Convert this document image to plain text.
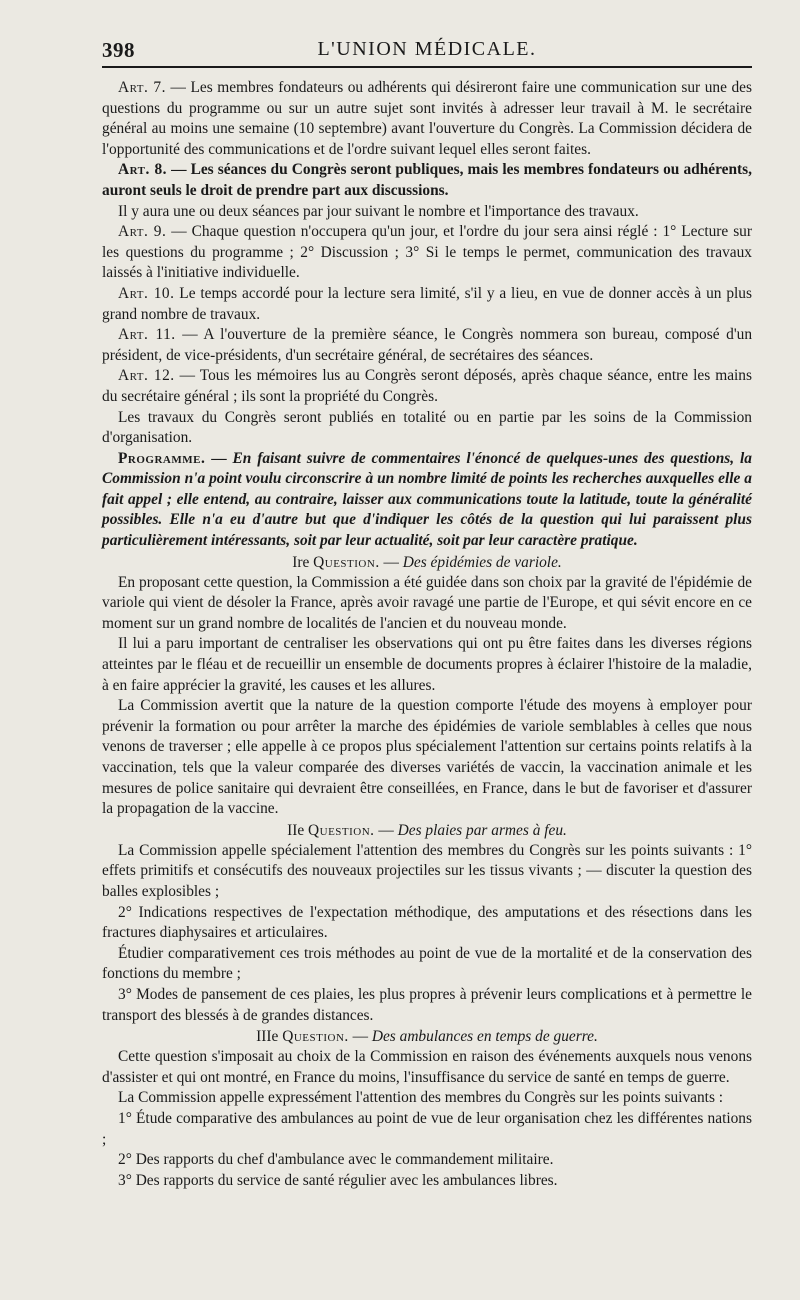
398	L'UNION MÉDICALE.

Art. 7. — Les membres fondateurs ou adhérents qui désireront faire une communication sur une des questions du programme ou sur un autre sujet sont invités à adresser leur travail à M. le secrétaire général au moins une semaine (10 septembre) avant l'ouverture du Congrès. La Commission décidera de l'opportunité des communications et de l'ordre suivant lequel elles seront faites.

Art. 8. — Les séances du Congrès seront publiques, mais les membres fondateurs ou adhérents, auront seuls le droit de prendre part aux discussions.

Il y aura une ou deux séances par jour suivant le nombre et l'importance des travaux.

Art. 9. — Chaque question n'occupera qu'un jour, et l'ordre du jour sera ainsi réglé : 1° Lecture sur les questions du programme ; 2° Discussion ; 3° Si le temps le permet, communication des travaux laissés à l'initiative individuelle.

Art. 10. Le temps accordé pour la lecture sera limité, s'il y a lieu, en vue de donner accès à un plus grand nombre de travaux.

Art. 11. — A l'ouverture de la première séance, le Congrès nommera son bureau, composé d'un président, de vice-présidents, d'un secrétaire général, de secrétaires des séances.

Art. 12. — Tous les mémoires lus au Congrès seront déposés, après chaque séance, entre les mains du secrétaire général ; ils sont la propriété du Congrès.

Les travaux du Congrès seront publiés en totalité ou en partie par les soins de la Commission d'organisation.

Programme. — En faisant suivre de commentaires l'énoncé de quelques-unes des questions, la Commission n'a point voulu circonscrire à un nombre limité de points les recherches auxquelles elle a fait appel ; elle entend, au contraire, laisser aux communications toute la latitude, toute la généralité possibles. Elle n'a eu d'autre but que d'indiquer les côtés de la question qui lui paraissent plus particulièrement intéressants, soit par leur actualité, soit par leur caractère pratique.

Ire Question. — Des épidémies de variole.

En proposant cette question, la Commission a été guidée dans son choix par la gravité de l'épidémie de variole qui vient de désoler la France, après avoir ravagé une partie de l'Europe, et qui sévit encore en ce moment sur un grand nombre de localités de l'ancien et du nouveau monde.

Il lui a paru important de centraliser les observations qui ont pu être faites dans les diverses régions atteintes par le fléau et de recueillir un ensemble de documents propres à éclairer l'histoire de la maladie, à en faire apprécier la gravité, les causes et les allures.

La Commission avertit que la nature de la question comporte l'étude des moyens à employer pour prévenir la formation ou pour arrêter la marche des épidémies de variole semblables à celles que nous venons de traverser ; elle appelle à ce propos plus spécialement l'attention sur certains points relatifs à la vaccination, tels que la valeur comparée des diverses variétés de vaccin, la vaccination animale et les mesures de police sanitaire qui devraient être conseillées, en France, dans le but de favoriser et d'assurer la propagation de la vaccine.

IIe Question. — Des plaies par armes à feu.

La Commission appelle spécialement l'attention des membres du Congrès sur les points suivants : 1° effets primitifs et consécutifs des nouveaux projectiles sur les tissus vivants ; — discuter la question des balles explosibles ;

2° Indications respectives de l'expectation méthodique, des amputations et des résections dans les fractures diaphysaires et articulaires.

Étudier comparativement ces trois méthodes au point de vue de la mortalité et de la conservation des fonctions du membre ;

3° Modes de pansement de ces plaies, les plus propres à prévenir leurs complications et à permettre le transport des blessés à de grandes distances.

IIIe Question. — Des ambulances en temps de guerre.

Cette question s'imposait au choix de la Commission en raison des événements auxquels nous venons d'assister et qui ont montré, en France du moins, l'insuffisance du service de santé en temps de guerre.

La Commission appelle expressément l'attention des membres du Congrès sur les points suivants :

1° Étude comparative des ambulances au point de vue de leur organisation chez les différentes nations ;

2° Des rapports du chef d'ambulance avec le commandement militaire.

3° Des rapports du service de santé régulier avec les ambulances libres.
